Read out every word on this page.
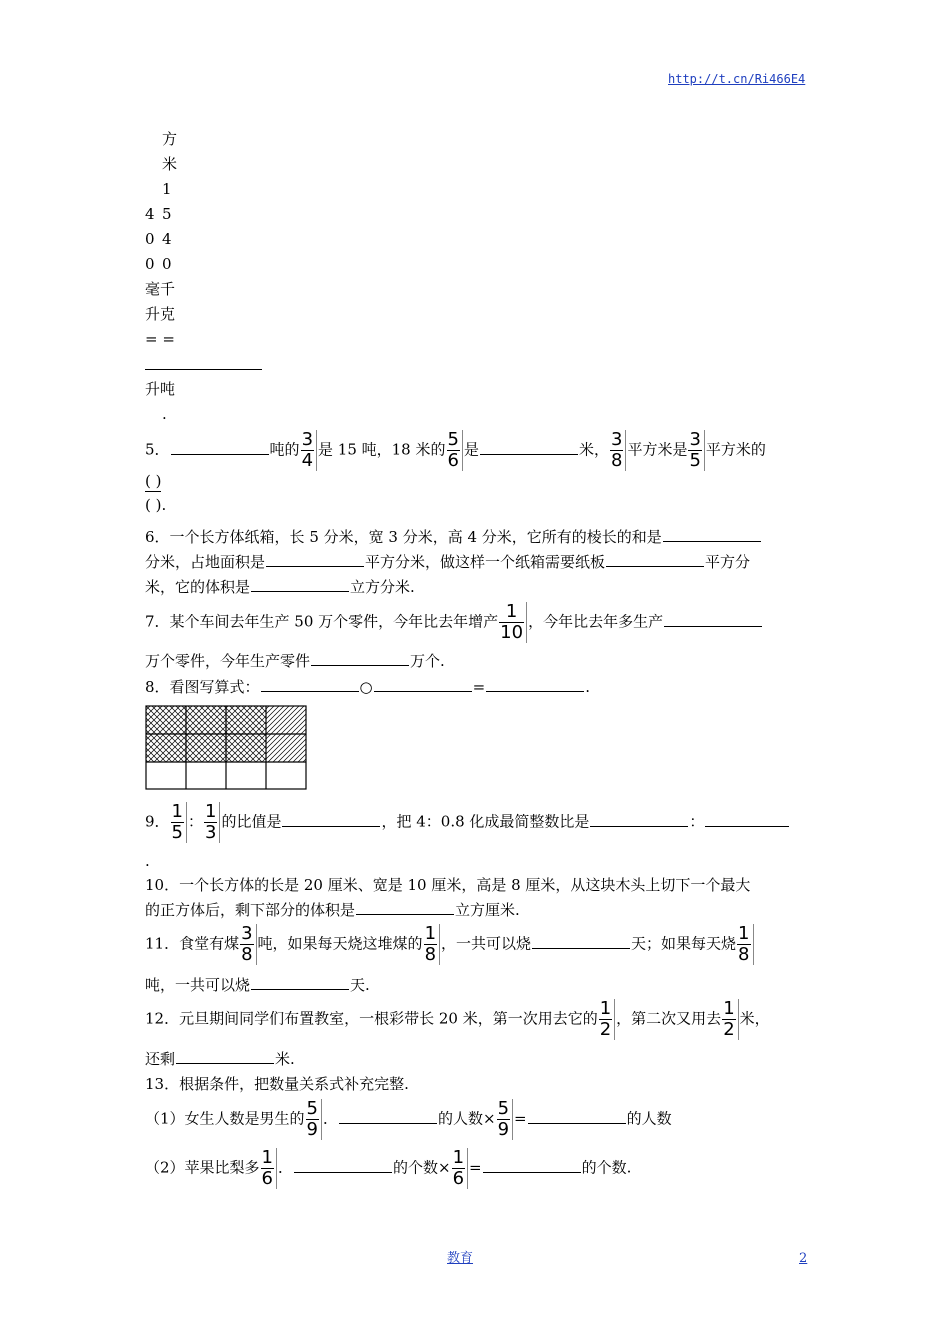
http://t.cn/Ri466E4
方
米
1
5
4
0
4
0
0
毫千
升克
= =
升吨
.
5．	吨的 $\frac{3}{4}$ 是 15 吨，18 米的 $\frac{5}{6}$ 是	米， $\frac{3}{8}$ 平方米是 $\frac{3}{5}$ 平方米的
( )
( ).
6．一个长方体纸箱，长 5 分米，宽 3 分米，高 4 分米，它所有的棱长的和是
分米，占地面积是	平方分米，做这样一个纸箱需要纸板	平方分
米，它的体积是	立方分米.
7．某个车间去年生产 50 万个零件，今年比去年增产 $\frac{1}{10}$ ，今年比去年多生产
万个零件，今年生产零件	万个.
8．看图写算式：	○	=	.
9． $\frac{1}{5}$ ： $\frac{1}{3}$ 的比值是	，把 4：0.8 化成最简整数比是	：
.
10．一个长方体的长是 20 厘米、宽是 10 厘米，高是 8 厘米，从这块木头上切下一个最大
的正方体后，剩下部分的体积是	立方厘米.
11．食堂有煤 $\frac{3}{8}$ 吨，如果每天烧这堆煤的 $\frac{1}{8}$ ，一共可以烧	天；如果每天烧 $\frac{1}{8}$
吨，一共可以烧	天.
12．元旦期间同学们布置教室，一根彩带长 20 米，第一次用去它的 $\frac{1}{2}$ ，第二次又用去 $\frac{1}{2}$ 米，
还剩	米.
13．根据条件，把数量关系式补充完整.
（1）女生人数是男生的 $\frac{5}{9}$ ．	的人数× $\frac{5}{9}$ =	的人数
（2）苹果比梨多 $\frac{1}{6}$ ．	的个数× $\frac{1}{6}$ =	的个数.
教育	2
